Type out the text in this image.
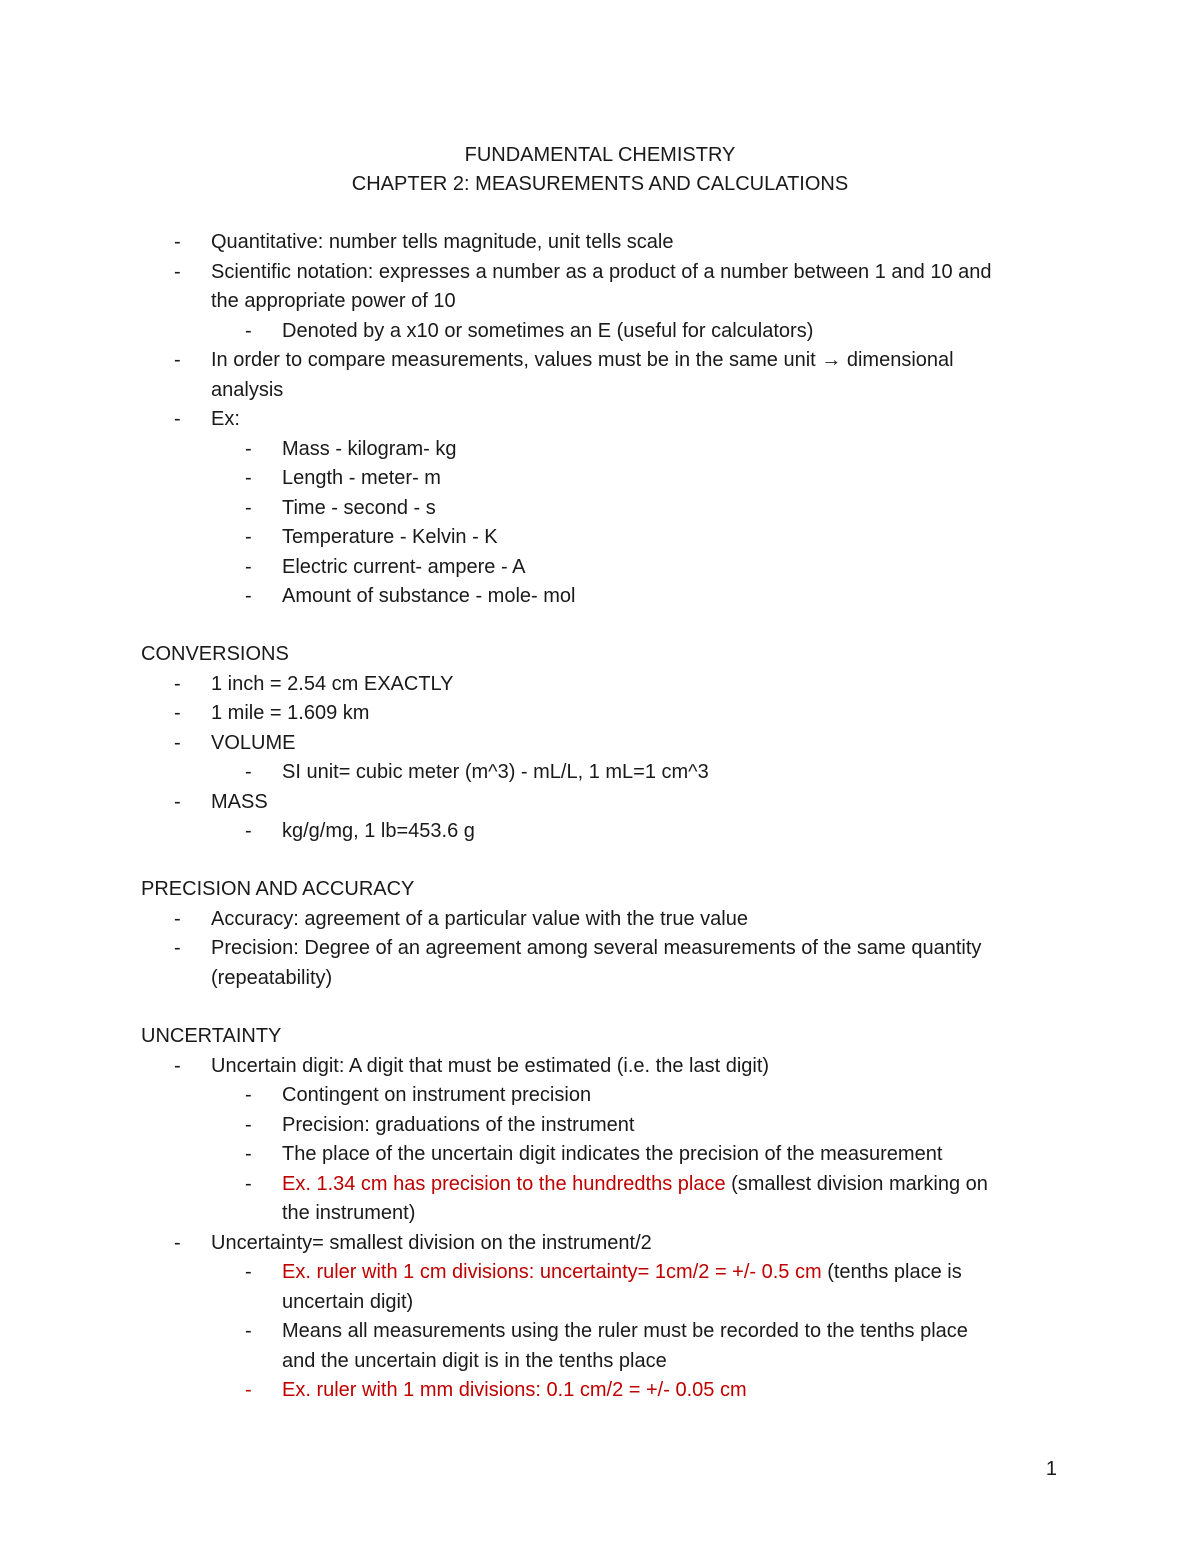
FUNDAMENTAL CHEMISTRY
CHAPTER 2: MEASUREMENTS AND CALCULATIONS
-	Quantitative: number tells magnitude, unit tells scale
-	Scientific notation: expresses a number as a product of a number between 1 and 10 and
the appropriate power of 10
-	Denoted by a x10 or sometimes an E (useful for calculators)
-	In order to compare measurements, values must be in the same unit → dimensional
analysis
-	Ex:
-	Mass - kilogram- kg
-	Length - meter- m
-	Time - second - s
-	Temperature - Kelvin - K
-	Electric current- ampere - A
-	Amount of substance - mole- mol
CONVERSIONS
-	1 inch = 2.54 cm EXACTLY
-	1 mile = 1.609 km
-	VOLUME
-	SI unit= cubic meter (m^3) - mL/L, 1 mL=1 cm^3
-	MASS
-	kg/g/mg, 1 lb=453.6 g
PRECISION AND ACCURACY
-	Accuracy: agreement of a particular value with the true value
-	Precision: Degree of an agreement among several measurements of the same quantity
(repeatability)
UNCERTAINTY
-	Uncertain digit: A digit that must be estimated (i.e. the last digit)
-	Contingent on instrument precision
-	Precision: graduations of the instrument
-	The place of the uncertain digit indicates the precision of the measurement
-	Ex. 1.34 cm has precision to the hundredths place (smallest division marking on
the instrument)
-	Uncertainty= smallest division on the instrument/2
-	Ex. ruler with 1 cm divisions: uncertainty= 1cm/2 = +/- 0.5 cm (tenths place is
uncertain digit)
-	Means all measurements using the ruler must be recorded to the tenths place
and the uncertain digit is in the tenths place
-	Ex. ruler with 1 mm divisions: 0.1 cm/2 = +/- 0.05 cm
1
